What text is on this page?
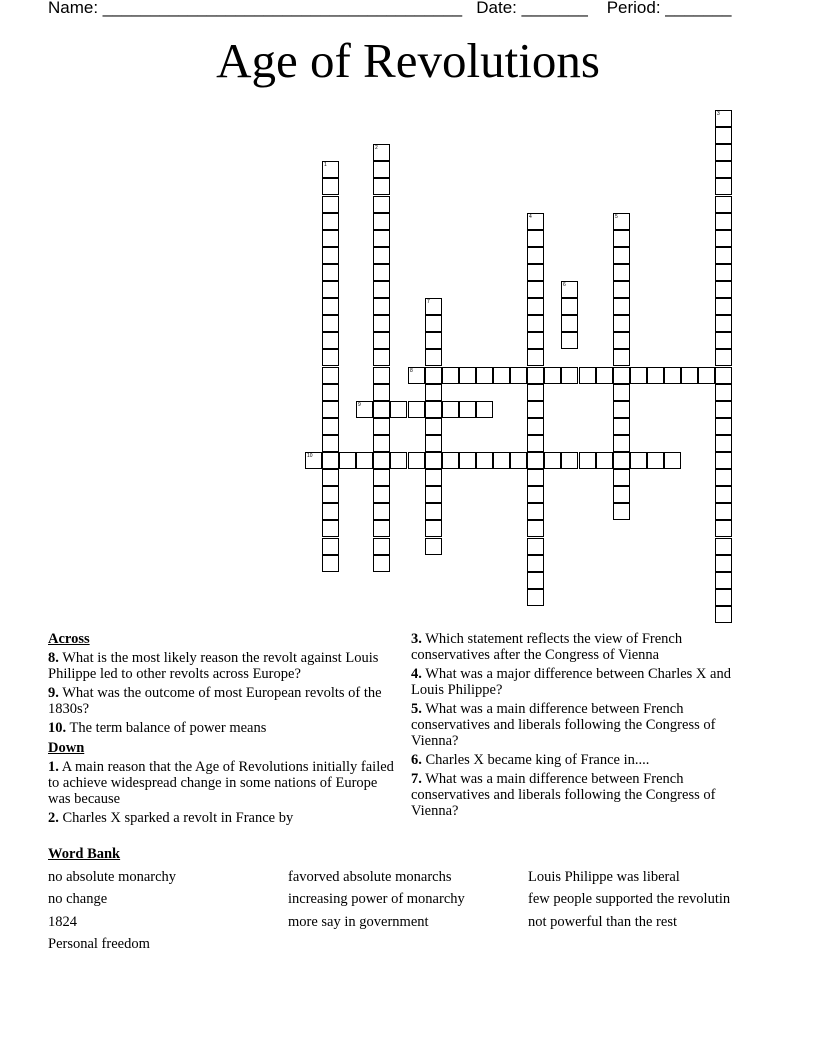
Name: ______________________________________ Date: _______ Period: _______
Age of Revolutions
1
2
3
4	5
6
7
8
9
10
Across
8. What is the most likely reason the revolt against Louis Philippe led to other revolts across Europe?
9. What was the outcome of most European revolts of the 1830s?
10. The term balance of power means
Down
1. A main reason that the Age of Revolutions initially failed to achieve widespread change in some nations of Europe was because
2. Charles X sparked a revolt in France by
3. Which statement reflects the view of French conservatives after the Congress of Vienna
4. What was a major difference between Charles X and Louis Philippe?
5. What was a main difference between French conservatives and liberals following the Congress of Vienna?
6. Charles X became king of France in....
7. What was a main difference between French conservatives and liberals following the Congress of Vienna?
Word Bank
no absolute monarchy
no change
1824
Personal freedom
favorved absolute monarchs
increasing power of monarchy
more say in government
Louis Philippe was liberal
few people supported the revolutin
not powerful than the rest
